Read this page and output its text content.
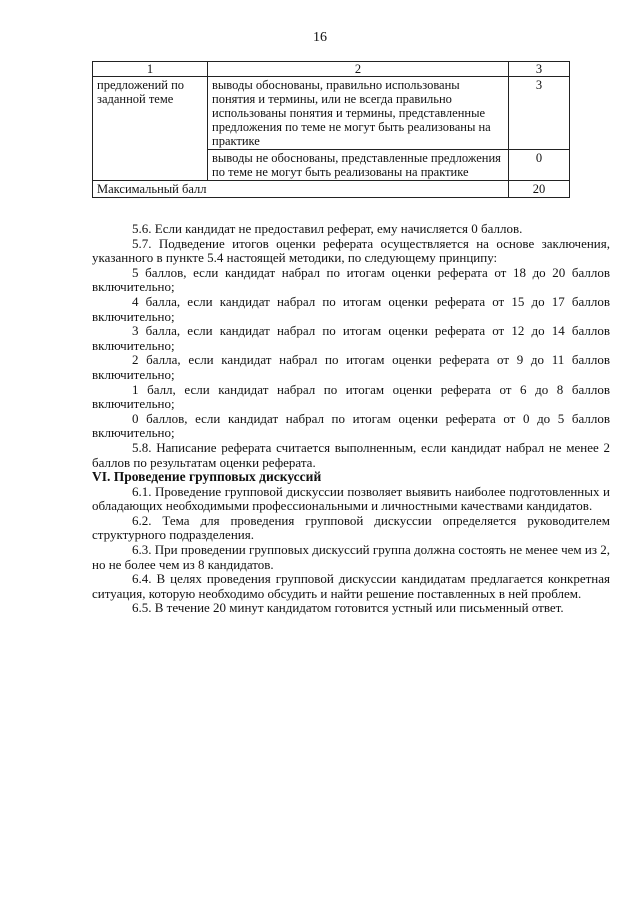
16
1	2	3
предложений по заданной теме	выводы обоснованы, правильно использованы понятия и термины, или не всегда правильно использованы понятия и термины, представленные предложения по теме не могут быть реализованы на практике	3
	выводы не обоснованы, представленные предложения по теме не могут быть реализованы на практике	0
Максимальный балл		20

5.6. Если кандидат не предоставил реферат, ему начисляется 0 баллов.

5.7. Подведение итогов оценки реферата осуществляется на основе заключения, указанного в пункте 5.4 настоящей методики, по следующему принципу:

5 баллов, если кандидат набрал по итогам оценки реферата от 18 до 20 баллов включительно;

4 балла, если кандидат набрал по итогам оценки реферата от 15 до 17 баллов включительно;

3 балла, если кандидат набрал по итогам оценки реферата от 12 до 14 баллов включительно;

2 балла, если кандидат набрал по итогам оценки реферата от 9 до 11 баллов включительно;

1 балл, если кандидат набрал по итогам оценки реферата от 6 до 8 баллов включительно;

0 баллов, если кандидат набрал по итогам оценки реферата от 0 до 5 баллов включительно;

5.8. Написание реферата считается выполненным, если кандидат набрал не менее 2 баллов по результатам оценки реферата.

VI. Проведение групповых дискуссий

6.1. Проведение групповой дискуссии позволяет выявить наиболее подготовленных и обладающих необходимыми профессиональными и личностными качествами кандидатов.

6.2. Тема для проведения групповой дискуссии определяется руководителем структурного подразделения.

6.3. При проведении групповых дискуссий группа должна состоять не менее чем из 2, но не более чем из 8 кандидатов.

6.4. В целях проведения групповой дискуссии кандидатам предлагается конкретная ситуация, которую необходимо обсудить и найти решение поставленных в ней проблем.

6.5. В течение 20 минут кандидатом готовится устный или письменный ответ.
